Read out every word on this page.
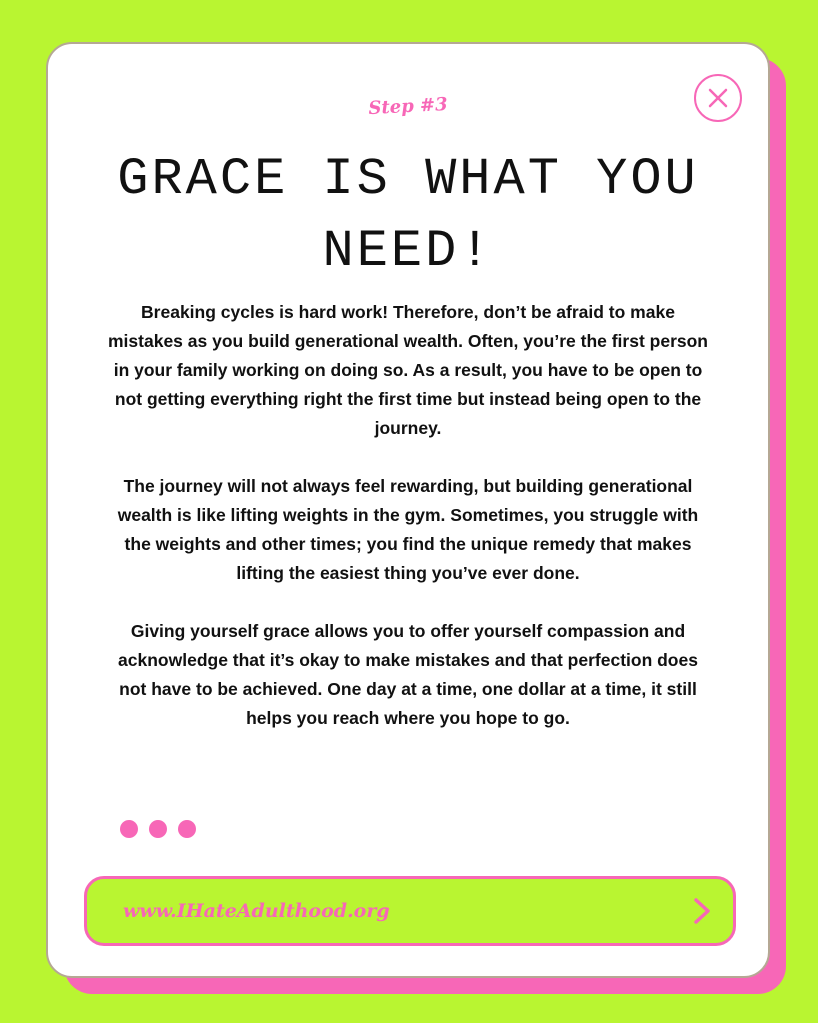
Step #3
GRACE IS WHAT YOU NEED!

Breaking cycles is hard work! Therefore, don’t be afraid to make mistakes as you build generational wealth. Often, you’re the first person in your family working on doing so. As a result, you have to be open to not getting everything right the first time but instead being open to the journey.

The journey will not always feel rewarding, but building generational wealth is like lifting weights in the gym. Sometimes, you struggle with the weights and other times; you find the unique remedy that makes lifting the easiest thing you’ve ever done.

Giving yourself grace allows you to offer yourself compassion and acknowledge that it’s okay to make mistakes and that perfection does not have to be achieved. One day at a time, one dollar at a time, it still helps you reach where you hope to go.

www.IHateAdulthood.org
